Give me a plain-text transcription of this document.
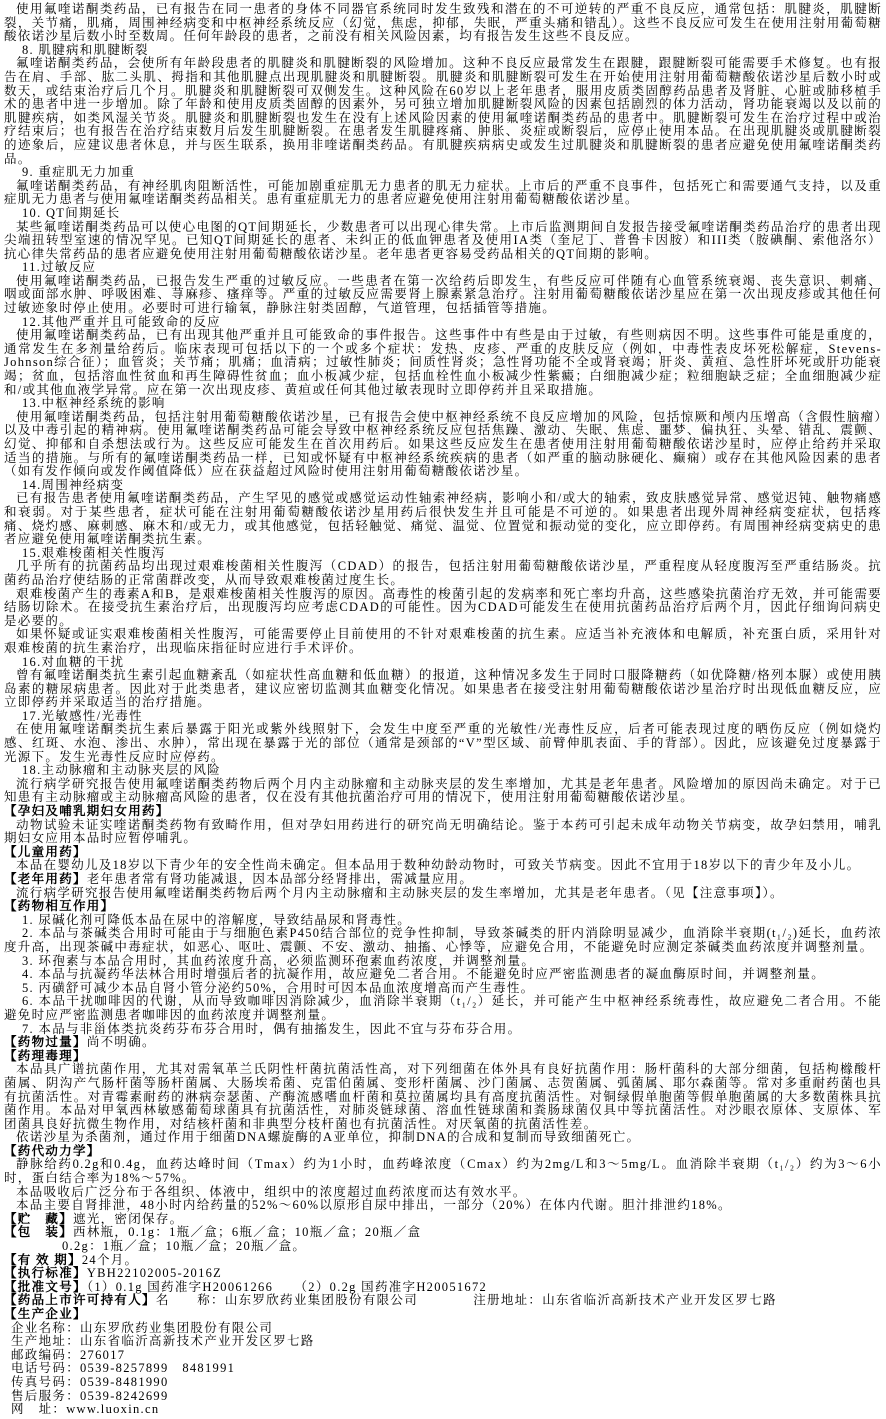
使用氟喹诺酮类药品，已有报告在同一患者的身体不同器官系统同时发生致残和潜在的不可逆转的严重不良反应，通常包括：肌腱炎，肌腱断裂，关节痛，肌痛，周围神经病变和中枢神经系统反应（幻觉，焦虑，抑郁，失眠，严重头痛和错乱）。这些不良反应可发生在使用注射用葡萄糖酸依诺沙星后数小时至数周。任何年龄段的患者，之前没有相关风险因素，均有报告发生这些不良反应。
8. 肌腱病和肌腱断裂
氟喹诺酮类药品，会使所有年龄段患者的肌腱炎和肌腱断裂的风险增加。这种不良反应最常发生在跟腱，跟腱断裂可能需要手术修复。也有报告在肩、手部、肱二头肌、拇指和其他肌腱点出现肌腱炎和肌腱断裂。肌腱炎和肌腱断裂可发生在开始使用注射用葡萄糖酸依诺沙星后数小时或数天，或结束治疗后几个月。肌腱炎和肌腱断裂可双侧发生。这种风险在60岁以上老年患者，服用皮质类固醇药品患者及肾脏、心脏或肺移植手术的患者中进一步增加。除了年龄和使用皮质类固醇的因素外，另可独立增加肌腱断裂风险的因素包括剧烈的体力活动，肾功能衰竭以及以前的肌腱疾病，如类风湿关节炎。肌腱炎和肌腱断裂也发生在没有上述风险因素的使用氟喹诺酮类药品的患者中。肌腱断裂可发生在治疗过程中或治疗结束后；也有报告在治疗结束数月后发生肌腱断裂。在患者发生肌腱疼痛、肿胀、炎症或断裂后，应停止使用本品。在出现肌腱炎或肌腱断裂的迹象后，应建议患者休息，并与医生联系，换用非喹诺酮类药品。有肌腱疾病病史或发生过肌腱炎和肌腱断裂的患者应避免使用氟喹诺酮类药品。
9. 重症肌无力加重
氟喹诺酮类药品，有神经肌肉阻断活性，可能加剧重症肌无力患者的肌无力症状。上市后的严重不良事件，包括死亡和需要通气支持，以及重症肌无力患者与使用氟喹诺酮类药品相关。患有重症肌无力的患者应避免使用注射用葡萄糖酸依诺沙星。
10. QT间期延长
某些氟喹诺酮类药品可以使心电图的QT间期延长，少数患者可以出现心律失常。上市后监测期间自发报告接受氟喹诺酮类药品治疗的患者出现尖端扭转型室速的情况罕见。已知QT间期延长的患者、未纠正的低血钾患者及使用IA类（奎尼丁、普鲁卡因胺）和III类（胺碘酮、索他洛尔）抗心律失常药品的患者应避免使用注射用葡萄糖酸依诺沙星。老年患者更容易受药品相关的QT间期的影响。
11.过敏反应
使用氟喹诺酮类药品，已报告发生严重的过敏反应。一些患者在第一次给药后即发生，有些反应可伴随有心血管系统衰竭、丧失意识、刺痛、咽或面部水肿、呼吸困难、荨麻疹、瘙痒等。严重的过敏反应需要肾上腺素紧急治疗。注射用葡萄糖酸依诺沙星应在第一次出现皮疹或其他任何过敏迹象时停止使用。必要时可进行输氧，静脉注射类固醇，气道管理，包括插管等措施。
12.其他严重并且可能致命的反应
使用氟喹诺酮类药品，已有出现其他严重并且可能致命的事件报告。这些事件中有些是由于过敏，有些则病因不明。这些事件可能是重度的，通常发生在多剂量给药后。临床表现可包括以下的一个或多个症状：发热、皮疹、严重的皮肤反应（例如，中毒性表皮坏死松解症，Stevens-Johnson综合征）；血管炎；关节痛；肌痛；血清病；过敏性肺炎；间质性肾炎；急性肾功能不全或肾衰竭；肝炎、黄疸、急性肝坏死或肝功能衰竭；贫血，包括溶血性贫血和再生障碍性贫血；血小板减少症，包括血栓性血小板减少性紫癜；白细胞减少症；粒细胞缺乏症；全血细胞减少症和/或其他血液学异常。应在第一次出现皮疹、黄疸或任何其他过敏表现时立即停药并且采取措施。
13.中枢神经系统的影响
使用氟喹诺酮类药品，包括注射用葡萄糖酸依诺沙星，已有报告会使中枢神经系统不良反应增加的风险，包括惊厥和颅内压增高（含假性脑瘤）以及中毒引起的精神病。使用氟喹诺酮类药品可能会导致中枢神经系统反应包括焦躁、激动、失眠、焦虑、噩梦、偏执狂、头晕、错乱、震颤、幻觉、抑郁和自杀想法或行为。这些反应可能发生在首次用药后。如果这些反应发生在患者使用注射用葡萄糖酸依诺沙星时，应停止给药并采取适当的措施。与所有的氟喹诺酮类药品一样，已知或怀疑有中枢神经系统疾病的患者（如严重的脑动脉硬化、癫痫）或存在其他风险因素的患者（如有发作倾向或发作阈值降低）应在获益超过风险时使用注射用葡萄糖酸依诺沙星。
14.周围神经病变
已有报告患者使用氟喹诺酮类药品，产生罕见的感觉或感觉运动性轴索神经病，影响小和/或大的轴索，致皮肤感觉异常、感觉迟钝、触物痛感和衰弱。对于某些患者，症状可能在注射用葡萄糖酸依诺沙星用药后很快发生并且可能是不可逆的。如果患者出现外周神经病变症状，包括疼痛、烧灼感、麻刺感、麻木和/或无力，或其他感觉，包括轻触觉、痛觉、温觉、位置觉和振动觉的变化，应立即停药。有周围神经病变病史的患者应避免使用氟喹诺酮类抗生素。
15.艰难梭菌相关性腹泻
几乎所有的抗菌药品均出现过艰难梭菌相关性腹泻（CDAD）的报告，包括注射用葡萄糖酸依诺沙星，严重程度从轻度腹泻至严重结肠炎。抗菌药品治疗使结肠的正常菌群改变，从而导致艰难梭菌过度生长。
艰难梭菌产生的毒素A和B，是艰难梭菌相关性腹泻的原因。高毒性的梭菌引起的发病率和死亡率均升高，这些感染抗菌治疗无效，并可能需要结肠切除术。在接受抗生素治疗后，出现腹泻均应考虑CDAD的可能性。因为CDAD可能发生在使用抗菌药品治疗后两个月，因此仔细询问病史是必要的。
如果怀疑或证实艰难梭菌相关性腹泻，可能需要停止目前使用的不针对艰难梭菌的抗生素。应适当补充液体和电解质，补充蛋白质，采用针对艰难梭菌的抗生素治疗，出现临床指征时应进行手术评价。
16.对血糖的干扰
曾有氟喹诺酮类抗生素引起血糖紊乱（如症状性高血糖和低血糖）的报道，这种情况多发生于同时口服降糖药（如优降糖/格列本脲）或使用胰岛素的糖尿病患者。因此对于此类患者，建议应密切监测其血糖变化情况。如果患者在接受注射用葡萄糖酸依诺沙星治疗时出现低血糖反应，应立即停药并采取适当的治疗措施。
17.光敏感性/光毒性
在使用氟喹诺酮类抗生素后暴露于阳光或紫外线照射下，会发生中度至严重的光敏性/光毒性反应，后者可能表现过度的晒伤反应（例如烧灼感、红斑、水泡、渗出、水肿），常出现在暴露于光的部位（通常是颈部的“V”型区域、前臂伸肌表面、手的背部）。因此，应该避免过度暴露于光源下。发生光毒性反应时应停药。
18.主动脉瘤和主动脉夹层的风险
流行病学研究报告使用氟喹诺酮类药物后两个月内主动脉瘤和主动脉夹层的发生率增加，尤其是老年患者。风险增加的原因尚未确定。对于已知患有主动脉瘤或主动脉瘤高风险的患者，仅在没有其他抗菌治疗可用的情况下，使用注射用葡萄糖酸依诺沙星。
【孕妇及哺乳期妇女用药】
动物试验未证实喹诺酮类药物有致畸作用，但对孕妇用药进行的研究尚无明确结论。鉴于本药可引起未成年动物关节病变，故孕妇禁用，哺乳期妇女应用本品时应暂停哺乳。
【儿童用药】
本品在婴幼儿及18岁以下青少年的安全性尚未确定。但本品用于数种幼龄动物时，可致关节病变。因此不宜用于18岁以下的青少年及小儿。
【老年用药】老年患者常有肾功能减退，因本品部分经肾排出，需减量应用。
流行病学研究报告使用氟喹诺酮类药物后两个月内主动脉瘤和主动脉夹层的发生率增加，尤其是老年患者。（见【注意事项】）。
【药物相互作用】
1. 尿碱化剂可降低本品在尿中的溶解度，导致结晶尿和肾毒性。
2. 本品与茶碱类合用时可能由于与细胞色素P450结合部位的竞争性抑制，导致茶碱类的肝内消除明显减少，血消除半衰期(t₁/₂)延长，血药浓度升高，出现茶碱中毒症状，如恶心、呕吐、震颤、不安、激动、抽搐、心悸等，应避免合用，不能避免时应测定茶碱类血药浓度并调整剂量。
3. 环孢素与本品合用时，其血药浓度升高，必须监测环孢素血药浓度，并调整剂量。
4. 本品与抗凝药华法林合用时增强后者的抗凝作用，故应避免二者合用。不能避免时应严密监测患者的凝血酶原时间，并调整剂量。
5. 丙磺舒可减少本品自肾小管分泌约50%，合用时可因本品血浓度增高而产生毒性。
6. 本品干扰咖啡因的代谢，从而导致咖啡因消除减少，血消除半衰期（t₁/₂）延长，并可能产生中枢神经系统毒性，故应避免二者合用。不能避免时应严密监测患者咖啡因的血药浓度并调整剂量。
7. 本品与非甾体类抗炎药芬布芬合用时，偶有抽搐发生，因此不宜与芬布芬合用。
【药物过量】尚不明确。
【药理毒理】
本品具广谱抗菌作用，尤其对需氧革兰氏阴性杆菌抗菌活性高，对下列细菌在体外具有良好抗菌作用：肠杆菌科的大部分细菌，包括枸橼酸杆菌属、阴沟产气肠杆菌等肠杆菌属、大肠埃希菌、克雷伯菌属、变形杆菌属、沙门菌属、志贺菌属、弧菌属、耶尔森菌等。常对多重耐药菌也具有抗菌活性。对青霉素耐药的淋病奈瑟菌、产酶流感嗜血杆菌和莫拉菌属均具有高度抗菌活性。对铜绿假单胞菌等假单胞菌属的大多数菌株具抗菌作用。本品对甲氧西林敏感葡萄球菌具有抗菌活性，对肺炎链球菌、溶血性链球菌和粪肠球菌仅具中等抗菌活性。对沙眼衣原体、支原体、军团菌具良好抗微生物作用，对结核杆菌和非典型分枝杆菌也有抗菌活性。对厌氧菌的抗菌活性差。
依诺沙星为杀菌剂，通过作用于细菌DNA螺旋酶的A亚单位，抑制DNA的合成和复制而导致细菌死亡。
【药代动力学】
静脉给药0.2g和0.4g，血药达峰时间（Tmax）约为1小时，血药峰浓度（Cmax）约为2mg/L和3～5mg/L。血消除半衰期（t₁/₂）约为3～6小时，蛋白结合率为18%～57%。
本品吸收后广泛分布于各组织、体液中，组织中的浓度超过血药浓度而达有效水平。
本品主要自肾排泄，48小时内给药量的52%～60%以原形自尿中排出，一部分（20%）在体内代谢。胆汁排泄约18%。
【贮　藏】遮光，密闭保存。
【包　装】西林瓶，0.1g：1瓶／盒；6瓶／盒；10瓶／盒；20瓶／盒
0.2g：1瓶／盒；10瓶／盒；20瓶／盒。
【有 效 期】24个月。
【执行标准】YBH22102005-2016Z
【批准文号】（1）0.1g 国药准字H20061266　　（2）0.2g 国药准字H20051672
【药品上市许可持有人】名　　称：山东罗欣药业集团股份有限公司　　　　注册地址：山东省临沂高新技术产业开发区罗七路
【生产企业】
企业名称：山东罗欣药业集团股份有限公司
生产地址：山东省临沂高新技术产业开发区罗七路
邮政编码：276017
电话号码：0539-8257899　8481991
传真号码：0539-8481990
售后服务：0539-8242699
网　址：www.luoxin.cn
